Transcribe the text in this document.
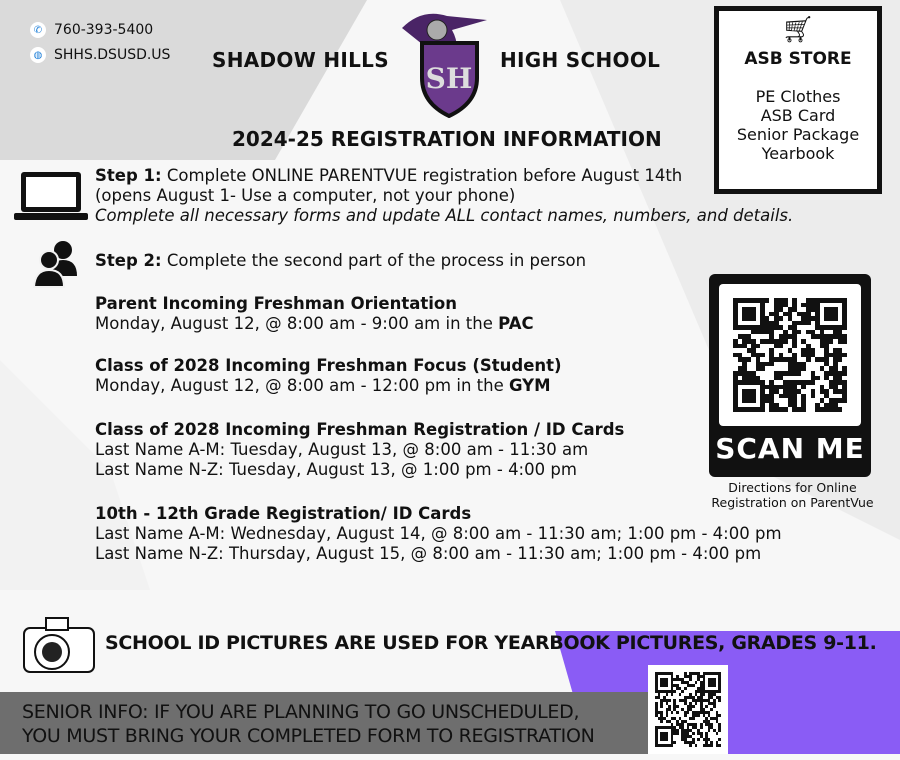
✆ 760-393-5400
◍ SHHS.DSUSD.US SHADOW HILLS
SH
HIGH SCHOOL
2024-25 REGISTRATION INFORMATION
🛒︎
ASB STORE
PE Clothes
ASB Card
Senior Package
Yearbook
Step 1: Complete ONLINE PARENTVUE registration before August 14th
(opens August 1- Use a computer, not your phone)
Complete all necessary forms and update ALL contact names, numbers, and details.
Step 2: Complete the second part of the process in person
Parent Incoming Freshman Orientation
Monday, August 12, @ 8:00 am - 9:00 am in the PAC
Class of 2028 Incoming Freshman Focus (Student)
Monday, August 12, @ 8:00 am - 12:00 pm in the GYM
Class of 2028 Incoming Freshman Registration / ID Cards
Last Name A-M: Tuesday, August 13, @ 8:00 am - 11:30 am
Last Name N-Z: Tuesday, August 13, @ 1:00 pm - 4:00 pm
10th - 12th Grade Registration/ ID Cards
Last Name A-M: Wednesday, August 14, @ 8:00 am - 11:30 am; 1:00 pm - 4:00 pm
Last Name N-Z: Thursday, August 15, @ 8:00 am - 11:30 am; 1:00 pm - 4:00 pm
SCAN ME
Directions for Online
Registration on ParentVue
SCHOOL ID PICTURES ARE USED FOR YEARBOOK PICTURES, GRADES 9-11.
SENIOR INFO: IF YOU ARE PLANNING TO GO UNSCHEDULED,
YOU MUST BRING YOUR COMPLETED FORM TO REGISTRATION
